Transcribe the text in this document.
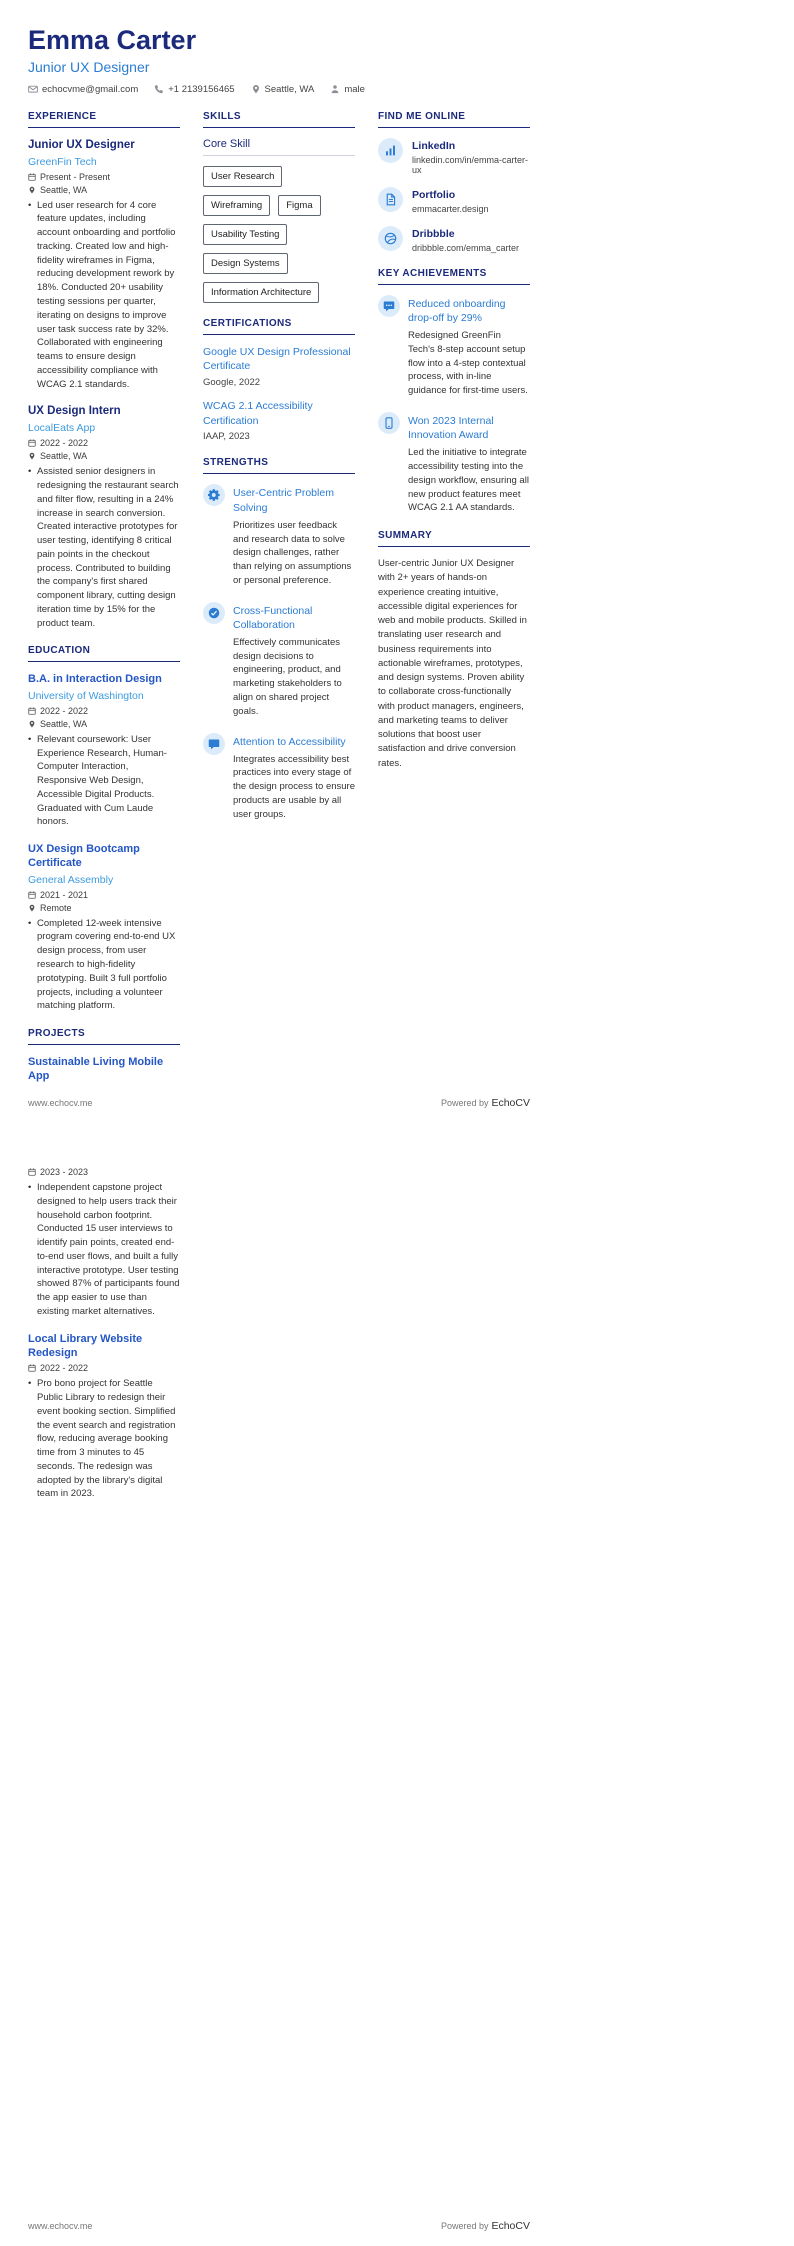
Emma Carter
Junior UX Designer
echocvme@gmail.com	+1 2139156465	Seattle, WA	male
EXPERIENCE
Junior UX Designer
GreenFin Tech
Present - Present
Seattle, WA
• Led user research for 4 core feature updates, including account onboarding and portfolio tracking. Created low and high-fidelity wireframes in Figma, reducing development rework by 18%. Conducted 20+ usability testing sessions per quarter, iterating on designs to improve user task success rate by 32%. Collaborated with engineering teams to ensure design accessibility compliance with WCAG 2.1 standards.
UX Design Intern
LocalEats App
2022 - 2022
Seattle, WA
• Assisted senior designers in redesigning the restaurant search and filter flow, resulting in a 24% increase in search conversion. Created interactive prototypes for user testing, identifying 8 critical pain points in the checkout process. Contributed to building the company's first shared component library, cutting design iteration time by 15% for the product team.
EDUCATION
B.A. in Interaction Design
University of Washington
2022 - 2022
Seattle, WA
• Relevant coursework: User Experience Research, Human-Computer Interaction, Responsive Web Design, Accessible Digital Products. Graduated with Cum Laude honors.
UX Design Bootcamp Certificate
General Assembly
2021 - 2021
Remote
• Completed 12-week intensive program covering end-to-end UX design process, from user research to high-fidelity prototyping. Built 3 full portfolio projects, including a volunteer matching platform.
PROJECTS
Sustainable Living Mobile App
SKILLS
Core Skill
User Research
Wireframing	Figma
Usability Testing
Design Systems
Information Architecture
CERTIFICATIONS
Google UX Design Professional Certificate
Google, 2022
WCAG 2.1 Accessibility Certification
IAAP, 2023
STRENGTHS
User-Centric Problem Solving
Prioritizes user feedback and research data to solve design challenges, rather than relying on assumptions or personal preference.
Cross-Functional Collaboration
Effectively communicates design decisions to engineering, product, and marketing stakeholders to align on shared project goals.
Attention to Accessibility
Integrates accessibility best practices into every stage of the design process to ensure products are usable by all user groups.
FIND ME ONLINE
LinkedIn
linkedin.com/in/emma-carter-ux
Portfolio
emmacarter.design
Dribbble
dribbble.com/emma_carter
KEY ACHIEVEMENTS
Reduced onboarding drop-off by 29%
Redesigned GreenFin Tech's 8-step account setup flow into a 4-step contextual process, with in-line guidance for first-time users.
Won 2023 Internal Innovation Award
Led the initiative to integrate accessibility testing into the design workflow, ensuring all new product features meet WCAG 2.1 AA standards.
SUMMARY

User-centric Junior UX Designer with 2+ years of hands-on experience creating intuitive, accessible digital experiences for web and mobile products. Skilled in translating user research and business requirements into actionable wireframes, prototypes, and design systems. Proven ability to collaborate cross-functionally with product managers, engineers, and marketing teams to deliver solutions that boost user satisfaction and drive conversion rates.

www.echocv.me	Powered by EchoCV
2023 - 2023
• Independent capstone project designed to help users track their household carbon footprint. Conducted 15 user interviews to identify pain points, created end-to-end user flows, and built a fully interactive prototype. User testing showed 87% of participants found the app easier to use than existing market alternatives.
Local Library Website Redesign
2022 - 2022
• Pro bono project for Seattle Public Library to redesign their event booking section. Simplified the event search and registration flow, reducing average booking time from 3 minutes to 45 seconds. The redesign was adopted by the library's digital team in 2023.
www.echocv.me	Powered by EchoCV
